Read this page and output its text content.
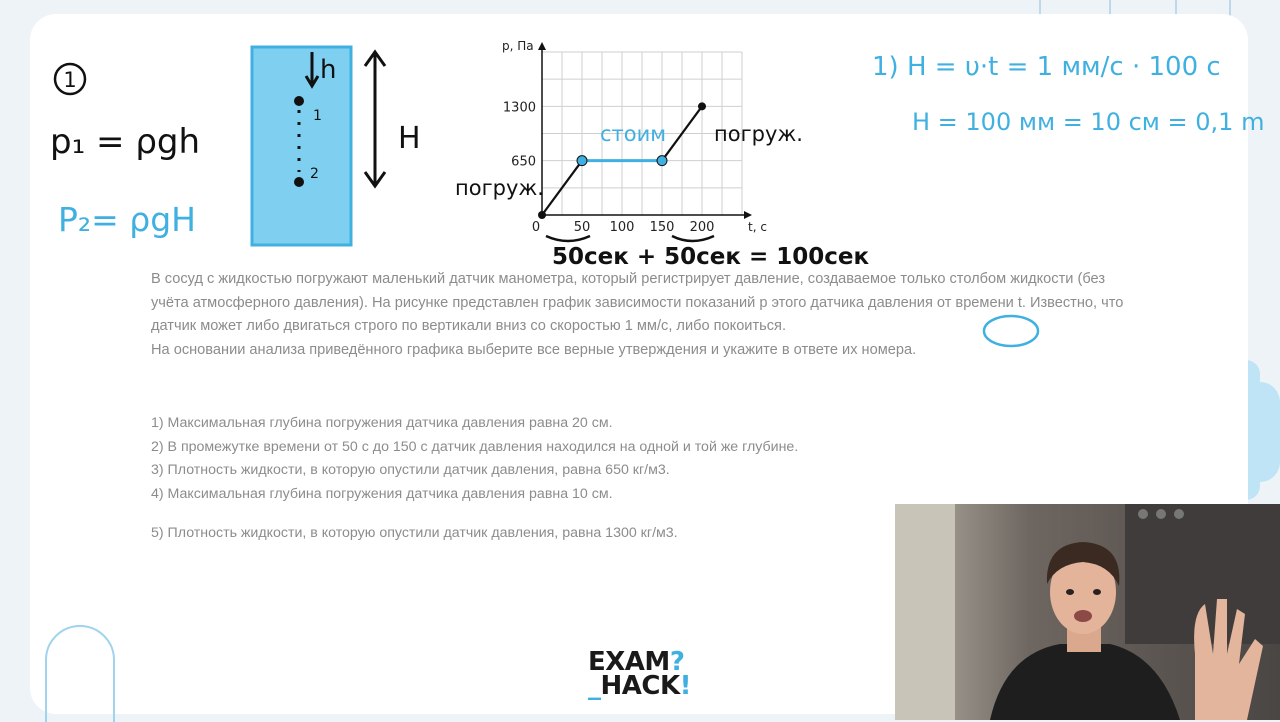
1
p₁ = ρgh
P₂= ρgH
h
1
2
H
0	50 100 150 200
650
1300
p, Па
t, с
стоим погруж.
погруж.
50сек + 50сек = 100сек
1) H = υ·t = 1 мм/с · 100 c
H = 100 мм = 10 см = 0,1 m

В сосуд с жидкостью погружают маленький датчик манометра, который регистрирует давление, создаваемое только столбом жидкости (без учёта атмосферного давления). На рисунке представлен график зависимости показаний р этого датчика давления от времени t. Известно, что датчик может либо двигаться строго по вертикали вниз со скоростью 1 мм/с, либо покоиться.

На основании анализа приведённого графика выберите все верные утверждения и укажите в ответе их номера.

1) Максимальная глубина погружения датчика давления равна 20 см.
2) В промежутке времени от 50 с до 150 с датчик давления находился на одной и той же глубине.
3) Плотность жидкости, в которую опустили датчик давления, равна 650 кг/м3.
4) Максимальная глубина погружения датчика давления равна 10 см.
5) Плотность жидкости, в которую опустили датчик давления, равна 1300 кг/м3.
EXAM?
_HACK!
